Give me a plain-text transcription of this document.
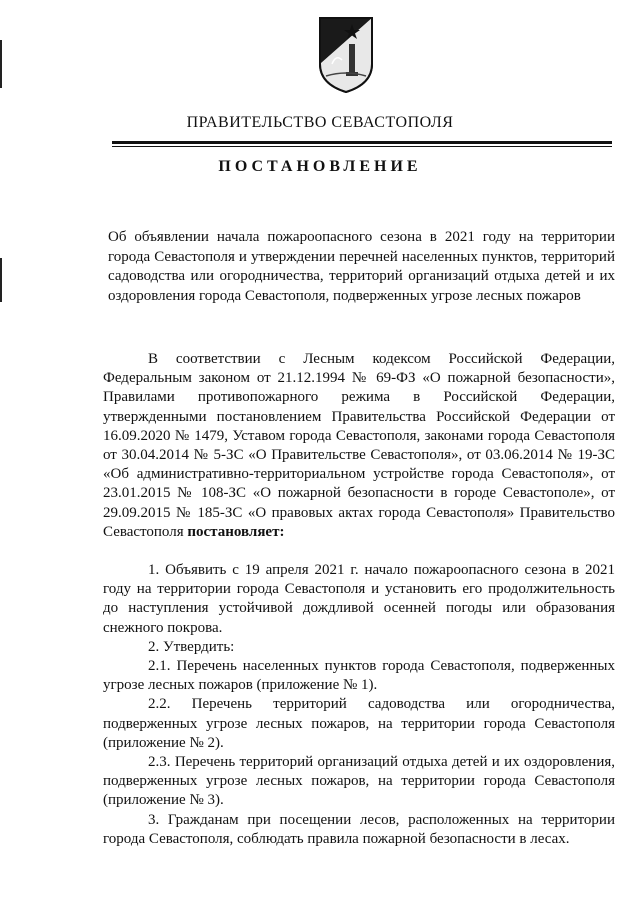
ПРАВИТЕЛЬСТВО СЕВАСТОПОЛЯ
ПОСТАНОВЛЕНИЕ
Об объявлении начала пожароопасного сезона в 2021 году на территории города Севастополя и утверждении перечней населенных пунктов, территорий садоводства или огородничества, территорий организаций отдыха детей и их оздоровления города Севастополя, подверженных угрозе лесных пожаров

В соответствии с Лесным кодексом Российской Федерации, Федеральным законом от 21.12.1994 № 69-ФЗ «О пожарной безопасности», Правилами противопожарного режима в Российской Федерации, утвержденными постановлением Правительства Российской Федерации от 16.09.2020 № 1479, Уставом города Севастополя, законами города Севастополя от 30.04.2014 № 5-ЗС «О Правительстве Севастополя», от 03.06.2014 № 19-ЗС «Об административно-территориальном устройстве города Севастополя», от 23.01.2015 № 108-ЗС «О пожарной безопасности в городе Севастополе», от 29.09.2015 № 185-ЗС «О правовых актах города Севастополя» Правительство Севастополя постановляет:

1. Объявить с 19 апреля 2021 г. начало пожароопасного сезона в 2021 году на территории города Севастополя и установить его продолжительность до наступления устойчивой дождливой осенней погоды или образования снежного покрова.

2. Утвердить:

2.1. Перечень населенных пунктов города Севастополя, подверженных угрозе лесных пожаров (приложение № 1).

2.2. Перечень территорий садоводства или огородничества, подверженных угрозе лесных пожаров, на территории города Севастополя (приложение № 2).

2.3. Перечень территорий организаций отдыха детей и их оздоровления, подверженных угрозе лесных пожаров, на территории города Севастополя (приложение № 3).

3. Гражданам при посещении лесов, расположенных на территории города Севастополя, соблюдать правила пожарной безопасности в лесах.
